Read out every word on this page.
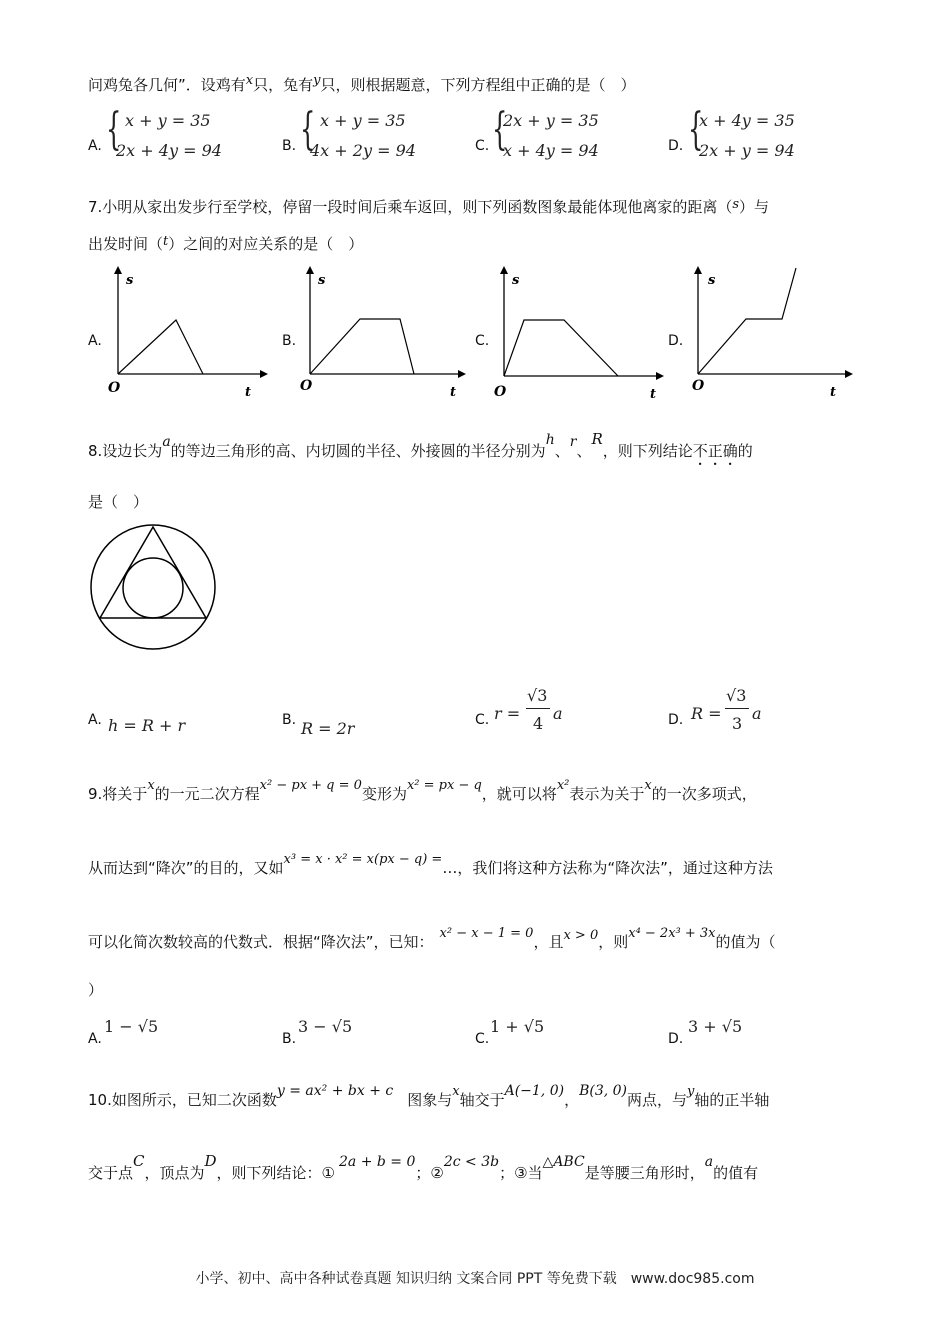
问鸡兔各几何”．设鸡有x只，兔有y只，则根据题意，下列方程组中正确的是（　）
A. { x + y = 35
2x + 4y = 94	B. { x + y = 35
4x + 2y = 94	C. {
2x + y = 35
x + 4y = 94	D. {
x + 4y = 35
2x + y = 94
7.小明从家出发步行至学校，停留一段时间后乘车返回，则下列函数图象最能体现他离家的距离（s）与
出发时间（t）之间的对应关系的是（　）
A.
s
t
O
B.
s
t
O
C.
s
t
O
D.
s
t
O
8.设边长为a的等边三角形的高、内切圆的半径、外接圆的半径分别为h、r、R，则下列结论不正确的
是（　）
A. h = R + r	B. R = 2r	C. r =
√3
4
a	D. R =
√3
3
a
9.将关于x的一元二次方程x² − px + q = 0变形为x² = px − q，就可以将x²表示为关于x的一次多项式，
从而达到“降次”的目的，又如x³ = x · x² = x(px − q) =…，我们将这种方法称为“降次法”，通过这种方法
可以化简次数较高的代数式．根据“降次法”，已知： x² − x − 1 = 0，且x > 0，则x⁴ − 2x³ + 3x的值为（
）
A.
1 − √5
B.
3 − √5
C.
1 + √5
D.
3 + √5
10.如图所示，已知二次函数y = ax² + bx + c 图象与x轴交于A(−1, 0)，B(3, 0)两点，与y轴的正半轴
交于点C，顶点为D，则下列结论：①2a + b = 0；②2c < 3b；③当△ABC是等腰三角形时，a的值有
小学、初中、高中各种试卷真题 知识归纳 文案合同 PPT 等免费下载　www.doc985.com
